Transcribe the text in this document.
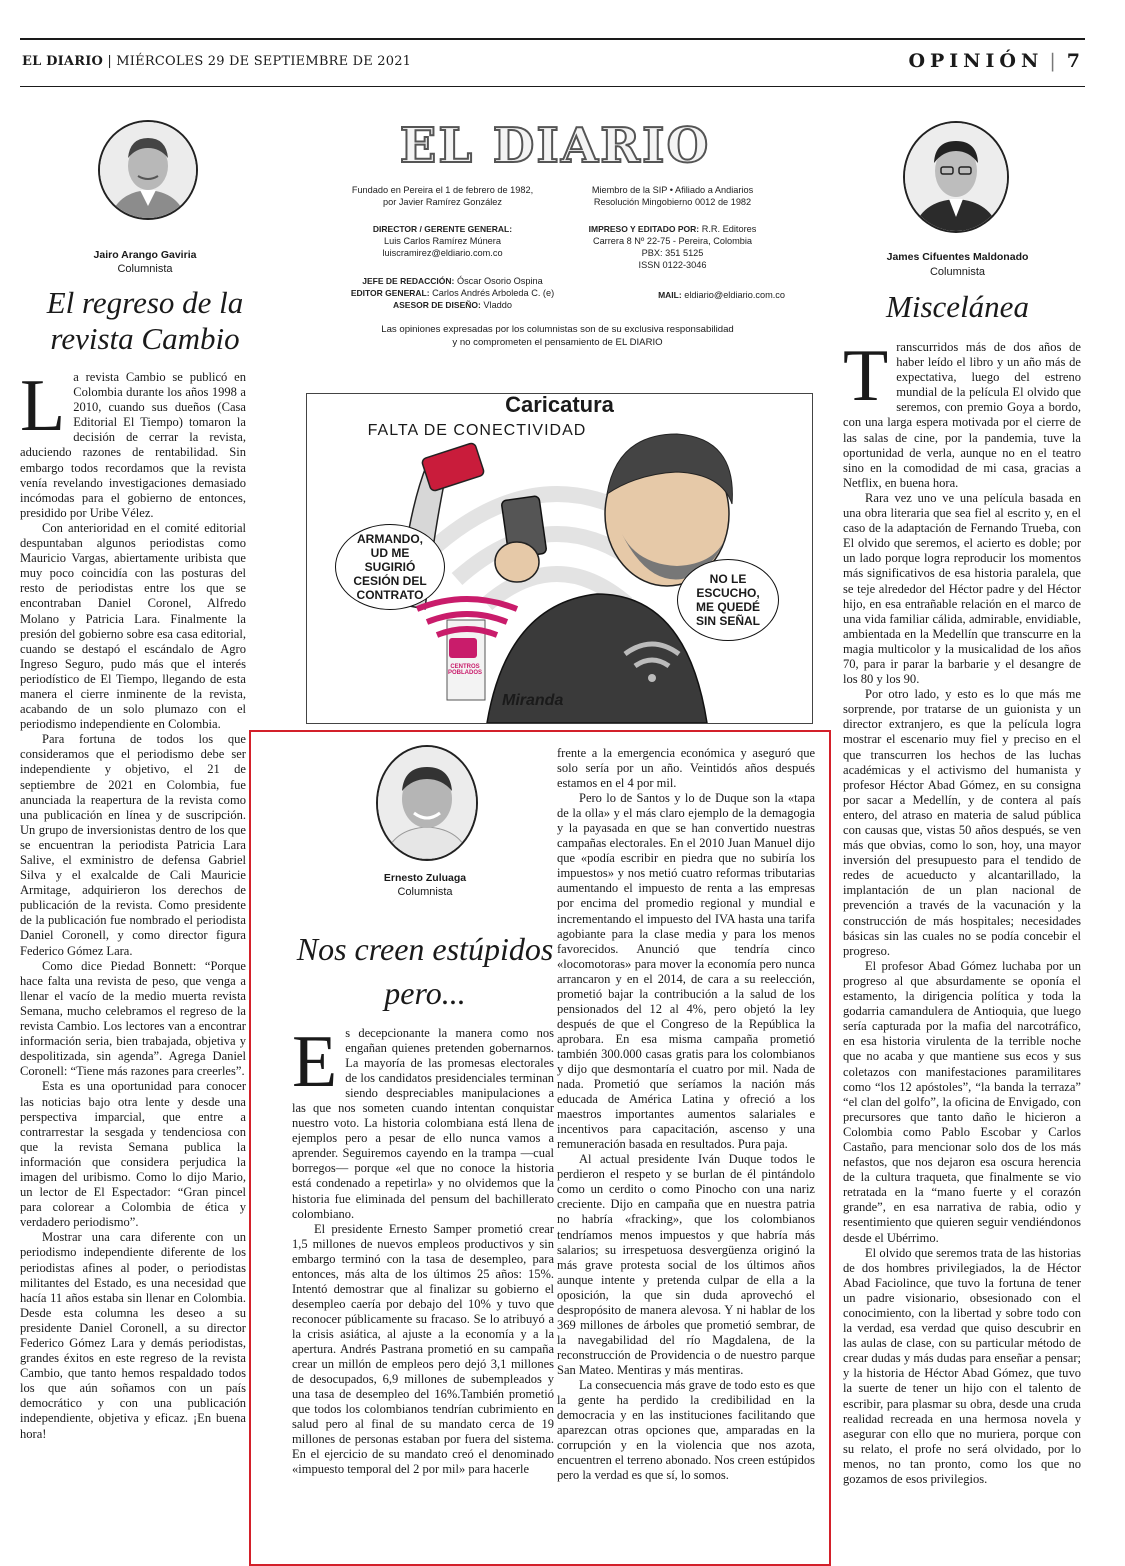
EL DIARIO | MIÉRCOLES 29 DE SEPTIEMBRE DE 2021	OPINIÓN | 7
Jairo Arango Gaviria
Columnista
El regreso de la revista Cambio
L a revista Cambio se publicó en Colombia durante los años 1998 a 2010, cuando sus dueños (Casa Editorial El Tiempo) tomaron la decisión de cerrar la revista, aduciendo razones de rentabilidad. Sin embargo todos recordamos que la revista venía revelando investigaciones demasiado incómodas para el gobierno de entonces, presidido por Uribe Vélez.

Con anterioridad en el comité editorial despuntaban algunos periodistas como Mauricio Vargas, abiertamente uribista que muy poco coincidía con las posturas del resto de periodistas entre los que se encontraban Daniel Coronel, Alfredo Molano y Patricia Lara. Finalmente la presión del gobierno sobre esa casa editorial, cuando se destapó el escándalo de Agro Ingreso Seguro, pudo más que el interés periodístico de El Tiempo, llegando de esta manera el cierre inminente de la revista, acabando de un solo plumazo con el periodismo independiente en Colombia.

Para fortuna de todos los que consideramos que el periodismo debe ser independiente y objetivo, el 21 de septiembre de 2021 en Colombia, fue anunciada la reapertura de la revista como una publicación en línea y de suscripción. Un grupo de inversionistas dentro de los que se encuentran la periodista Patricia Lara Salive, el exministro de defensa Gabriel Silva y el exalcalde de Cali Mauricie Armitage, adquirieron los derechos de publicación de la revista. Como presidente de la publicación fue nombrado el periodista Daniel Coronell, y como director figura Federico Gómez Lara.

Como dice Piedad Bonnett: “Porque hace falta una revista de peso, que venga a llenar el vacío de la medio muerta revista Semana, mucho celebramos el regreso de la revista Cambio. Los lectores van a encontrar información seria, bien trabajada, objetiva y despolitizada, sin agenda”. Agrega Daniel Coronell: “Tiene más razones para creerles”.

Esta es una oportunidad para conocer las noticias bajo otra lente y desde una perspectiva imparcial, que entre a contrarrestar la sesgada y tendenciosa con que la revista Semana publica la información que considera perjudica la imagen del uribismo. Como lo dijo Mario, un lector de El Espectador: “Gran pincel para colorear a Colombia de ética y verdadero periodismo”.

Mostrar una cara diferente con un periodismo independiente diferente de los periodistas afines al poder, o periodistas militantes del Estado, es una necesidad que hacía 11 años estaba sin llenar en Colombia. Desde esta columna les deseo a su presidente Daniel Coronell, a su director Federico Gómez Lara y demás periodistas, grandes éxitos en este regreso de la revista Cambio, que tanto hemos respaldado todos los que aún soñamos con un país democrático y con una publicación independiente, objetiva y eficaz. ¡En buena hora!

EL DIARIO
Fundado en Pereira el 1 de febrero de 1982,
por Javier Ramírez González
Miembro de la SIP • Afiliado a Andiarios
Resolución Mingobierno 0012 de 1982
DIRECTOR / GERENTE GENERAL:
Luis Carlos Ramírez Múnera
luiscramirez@eldiario.com.co
IMPRESO Y EDITADO POR: R.R. Editores
Carrera 8 Nº 22-75 - Pereira, Colombia
PBX: 351 5125
ISSN 0122-3046
JEFE DE REDACCIÓN: Óscar Osorio Ospina
EDITOR GENERAL: Carlos Andrés Arboleda C. (e)
ASESOR DE DISEÑO: Vladdo
MAIL: eldiario@eldiario.com.co
Las opiniones expresadas por los columnistas son de su exclusiva responsabilidad
y no comprometen el pensamiento de EL DIARIO
Caricatura
FALTA DE CONECTIVIDAD
ARMANDO,
UD ME
SUGIRIÓ
CESIÓN DEL
CONTRATO
NO LE
ESCUCHO,
ME QUEDÉ
SIN SEÑAL
CENTROS POBLADOS
Miranda
James Cifuentes Maldonado
Columnista
Miscelánea
T ranscurridos más de dos años de haber leído el libro y un año más de expectativa, luego del estreno mundial de la película El olvido que seremos, con premio Goya a bordo, con una larga espera motivada por el cierre de las salas de cine, por la pandemia, tuve la oportunidad de verla, aunque no en el teatro sino en la comodidad de mi casa, gracias a Netflix, en buena hora.

Rara vez uno ve una película basada en una obra literaria que sea fiel al escrito y, en el caso de la adaptación de Fernando Trueba, con El olvido que seremos, el acierto es doble; por un lado porque logra reproducir los momentos más significativos de esa historia paralela, que se teje alrededor del Héctor padre y del Héctor hijo, en esa entrañable relación en el marco de una vida familiar cálida, admirable, envidiable, ambientada en la Medellín que transcurre en la magia multicolor y la musicalidad de los años 70, para ir parar la barbarie y el desangre de los 80 y los 90.

Por otro lado, y esto es lo que más me sorprende, por tratarse de un guionista y un director extranjero, es que la película logra mostrar el escenario muy fiel y preciso en el que transcurren los hechos de las luchas académicas y el activismo del humanista y profesor Héctor Abad Gómez, en su consigna por sacar a Medellín, y de contera al país entero, del atraso en materia de salud pública con causas que, vistas 50 años después, se ven más que obvias, como lo son, hoy, una mayor inversión del presupuesto para el tendido de redes de acueducto y alcantarillado, la implantación de un plan nacional de prevención a través de la vacunación y la construcción de más hospitales; necesidades básicas sin las cuales no se podía concebir el progreso.

El profesor Abad Gómez luchaba por un progreso al que absurdamente se oponía el estamento, la dirigencia política y toda la godarria camandulera de Antioquia, que luego sería capturada por la mafia del narcotráfico, en esa historia virulenta de la terrible noche que no acaba y que mantiene sus ecos y sus coletazos con manifestaciones paramilitares como “los 12 apóstoles”, “la banda la terraza” “el clan del golfo”, la oficina de Envigado, con precursores que tanto daño le hicieron a Colombia como Pablo Escobar y Carlos Castaño, para mencionar solo dos de los más nefastos, que nos dejaron esa oscura herencia de la cultura traqueta, que finalmente se vio retratada en la “mano fuerte y el corazón grande”, en esa narrativa de rabia, odio y resentimiento que quieren seguir vendiéndonos desde el Ubérrimo.

El olvido que seremos trata de las historias de dos hombres privilegiados, la de Héctor Abad Faciolince, que tuvo la fortuna de tener un padre visionario, obsesionado con el conocimiento, con la libertad y sobre todo con la verdad, esa verdad que quiso descubrir en las aulas de clase, con su particular método de crear dudas y más dudas para enseñar a pensar; y la historia de Héctor Abad Gómez, que tuvo la suerte de tener un hijo con el talento de escribir, para plasmar su obra, desde una cruda realidad recreada en una hermosa novela y asegurar con ello que no muriera, porque con su relato, el profe no será olvidado, por lo menos, no tan pronto, como los que no gozamos de esos privilegios.

Ernesto Zuluaga
Columnista
Nos creen estúpidos pero...
E s decepcionante la manera como nos engañan quienes pretenden gobernarnos. La mayoría de las promesas electorales de los candidatos presidenciales terminan siendo despreciables manipulaciones a las que nos someten cuando intentan conquistar nuestro voto. La historia colombiana está llena de ejemplos pero a pesar de ello nunca vamos a aprender. Seguiremos cayendo en la trampa —cual borregos— porque «el que no conoce la historia está condenado a repetirla» y no olvidemos que la historia fue eliminada del pensum del bachillerato colombiano.

El presidente Ernesto Samper prometió crear 1,5 millones de nuevos empleos productivos y sin embargo terminó con la tasa de desempleo, para entonces, más alta de los últimos 25 años: 15%. Intentó demostrar que al finalizar su gobierno el desempleo caería por debajo del 10% y tuvo que reconocer públicamente su fracaso. Se lo atribuyó a la crisis asiática, al ajuste a la economía y a la apertura. Andrés Pastrana prometió en su campaña crear un millón de empleos pero dejó 3,1 millones de desocupados, 6,9 millones de subempleados y una tasa de desempleo del 16%.También prometió que todos los colombianos tendrían cubrimiento en salud pero al final de su mandato cerca de 19 millones de personas estaban por fuera del sistema. En el ejercicio de su mandato creó el denominado «impuesto temporal del 2 por mil» para hacerle

frente a la emergencia económica y aseguró que solo sería por un año. Veintidós años después estamos en el 4 por mil.

Pero lo de Santos y lo de Duque son la «tapa de la olla» y el más claro ejemplo de la demagogia y la payasada en que se han convertido nuestras campañas electorales. En el 2010 Juan Manuel dijo que «podía escribir en piedra que no subiría los impuestos» y nos metió cuatro reformas tributarias aumentando el impuesto de renta a las empresas por encima del promedio regional y mundial e incrementando el impuesto del IVA hasta una tarifa agobiante para la clase media y para los menos favorecidos. Anunció que tendría cinco «locomotoras» para mover la economía pero nunca arrancaron y en el 2014, de cara a su reelección, prometió bajar la contribución a la salud de los pensionados del 12 al 4%, pero objetó la ley después de que el Congreso de la República la aprobara. En esa misma campaña prometió también 300.000 casas gratis para los colombianos y dijo que desmontaría el cuatro por mil. Nada de nada. Prometió que seríamos la nación más educada de América Latina y ofreció a los maestros importantes aumentos salariales e incentivos para capacitación, ascenso y una remuneración basada en resultados. Pura paja.

Al actual presidente Iván Duque todos le perdieron el respeto y se burlan de él pintándolo como un cerdito o como Pinocho con una nariz creciente. Dijo en campaña que en nuestra patria no habría «fracking», que los colombianos tendríamos menos impuestos y que habría más salarios; su irrespetuosa desvergüenza originó la más grave protesta social de los últimos años aunque intente y pretenda culpar de ella a la oposición, la que sin duda aprovechó el despropósito de manera alevosa. Y ni hablar de los 369 millones de árboles que prometió sembrar, de la navegabilidad del río Magdalena, de la reconstrucción de Providencia o de nuestro parque San Mateo. Mentiras y más mentiras.

La consecuencia más grave de todo esto es que la gente ha perdido la credibilidad en la democracia y en las instituciones facilitando que aparezcan otras opciones que, amparadas en la corrupción y en la violencia que nos azota, encuentren el terreno abonado. Nos creen estúpidos pero la verdad es que sí, lo somos.
